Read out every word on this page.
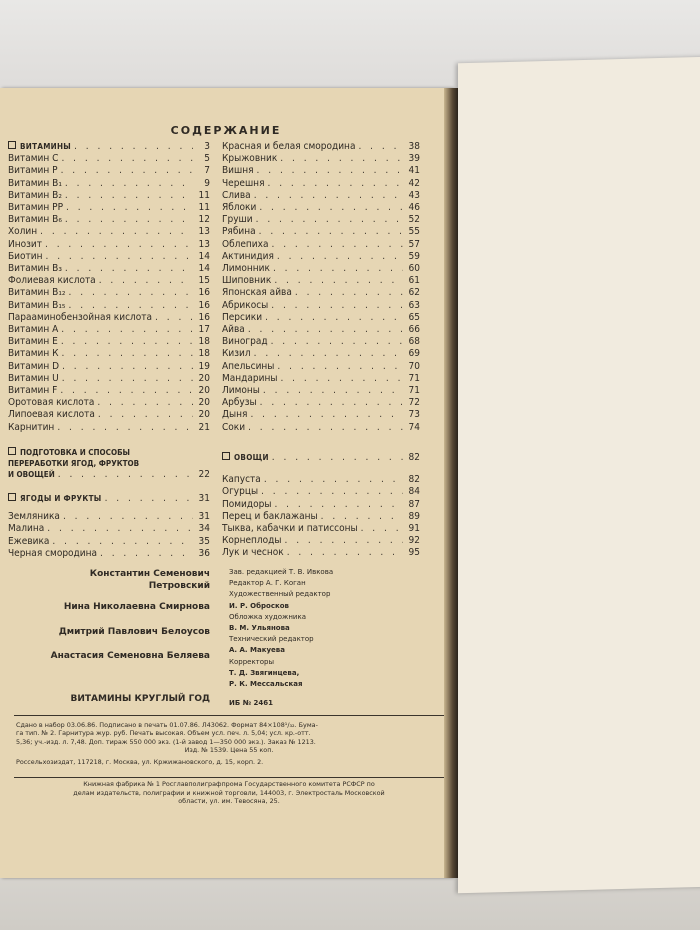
СОДЕРЖАНИЕ
ВИТАМИНЫ . . .	3
Витамин С . . .	5
Витамин Р . . .	7
Витамин B₁ . . .	9
Витамин B₂ . . .	11
Витамин PP . . .	11
Витамин B₆ . . .	12
Холин . . .	13
Инозит . . .	13
Биотин . . .	14
Витамин B₃ . . .	14
Фолиевая кислота . . .	15
Витамин B₁₂ . . .	16
Витамин B₁₅ . . .	16
Парааминобензойная кислота . . .	16
Витамин А . . .	17
Витамин Е . . .	18
Витамин К . . .	18
Витамин D . . .	19
Витамин U . . .	20
Витамин F . . .	20
Оротовая кислота . . .	20
Липоевая кислота . . .	20
Карнитин . . .	21
ПОДГОТОВКА И СПОСОБЫ
ПЕРЕРАБОТКИ ЯГОД, ФРУКТОВ
И ОВОЩЕЙ . . .	22
ЯГОДЫ И ФРУКТЫ . . .	31
Земляника . . .	31
Малина . . .	34
Ежевика . . .	35
Черная смородина . . .	36
Красная и белая смородина . . .	38
Крыжовник . . .	39
Вишня . . .	41
Черешня . . .	42
Слива . . .	43
Яблоки . . .	46
Груши . . .	52
Рябина . . .	55
Облепиха . . .	57
Актинидия . . .	59
Лимонник . . .	60
Шиповник . . .	61
Японская айва . . .	62
Абрикосы . . .	63
Персики . . .	65
Айва . . .	66
Виноград . . .	68
Кизил . . .	69
Апельсины . . .	70
Мандарины . . .	71
Лимоны . . .	71
Арбузы . . .	72
Дыня . . .	73
Соки . . .	74
ОВОЩИ . . .	82
Капуста . . .	82
Огурцы . . .	84
Помидоры . . .	87
Перец и баклажаны . . .	89
Тыква, кабачки и патиссоны . . .	91
Корнеплоды . . .	92
Лук и чеснок . . .	95
Константин Семенович
Петровский
Нина Николаевна Смирнова
Дмитрий Павлович Белоусов
Анастасия Семеновна Беляева
ВИТАМИНЫ КРУГЛЫЙ ГОД
Зав. редакцией Т. В. Ивкова
Редактор А. Г. Коган
Художественный редактор
И. Р. Обросков
Обложка художника
В. М. Ульянова
Технический редактор
А. А. Макуева
Корректоры
Т. Д. Звягинцева,
Р. К. Мессальская
ИБ № 2461
Сдано в набор 03.06.86. Подписано в печать 01.07.86. Л43062. Формат 84×108¹/₃₂. Бума-
га тип. № 2. Гарнитура жур. руб. Печать высокая. Объем усл. печ. л. 5,04; усл. кр.-отт.
5,36; уч.-изд. л. 7,48. Доп. тираж 550 000 экз. (1-й завод 1—350 000 экз.). Заказ № 1213.
Изд. № 1539. Цена 55 коп.
Россельхозиздат, 117218, г. Москва, ул. Кржижановского, д. 15, корп. 2.
Книжная фабрика № 1 Росглавполиграфпрома Государственного комитета РСФСР по
делам издательств, полиграфии и книжной торговли, 144003, г. Электросталь Московской
области, ул. им. Тевосяна, 25.
